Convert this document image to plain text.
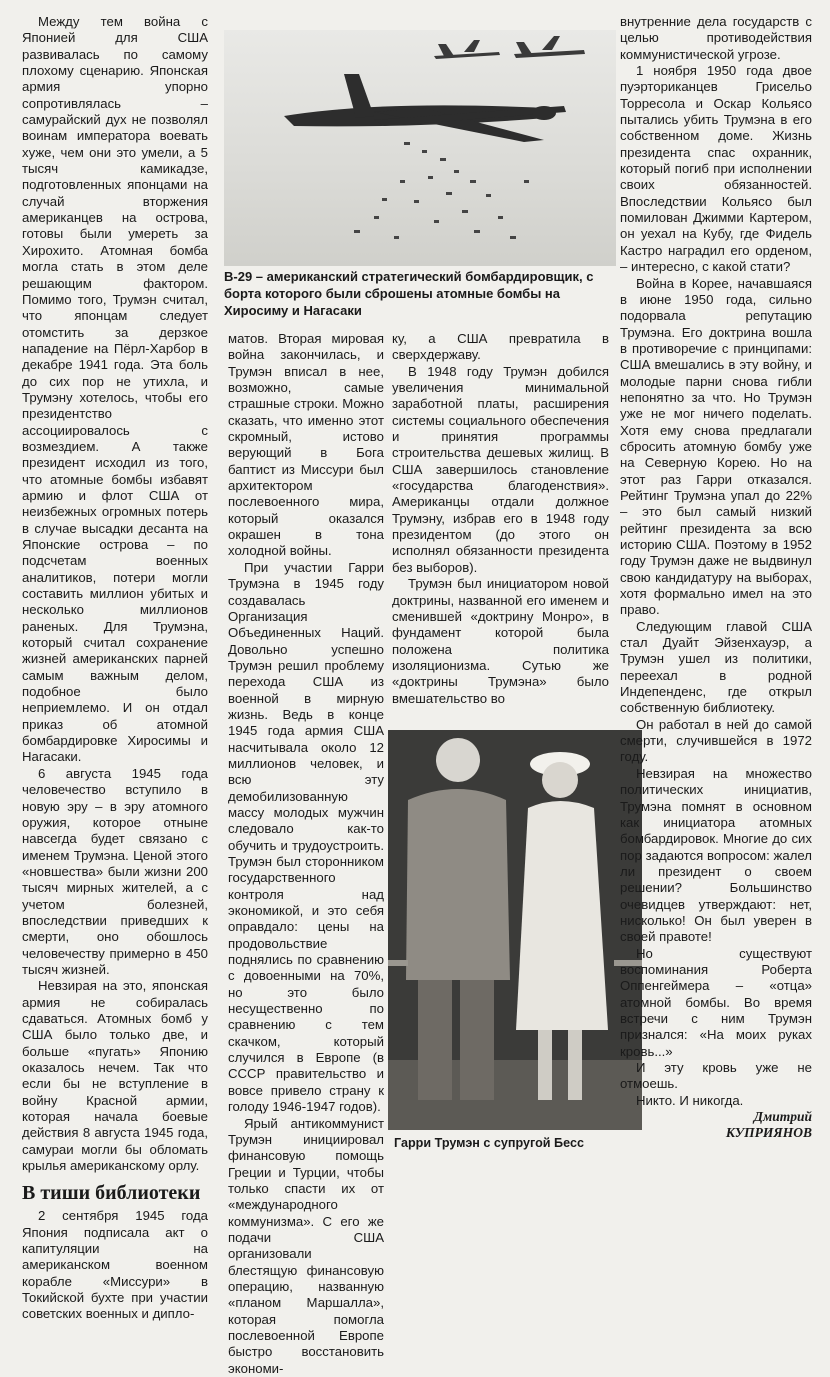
B-29 – американский стратегический бомбардировщик, с борта которого были сброшены атомные бомбы на Хиросиму и Нагасаки

Между тем война с Японией для США развивалась по самому плохому сценарию. Японская армия упорно сопротивлялась – самурайский дух не позволял воинам императора воевать хуже, чем они это умели, а 5 тысяч камикадзе, подготовленных японцами на случай вторжения американцев на острова, готовы были умереть за Хирохито. Атомная бомба могла стать в этом деле решающим фактором. Помимо того, Трумэн считал, что японцам следует отомстить за дерзкое нападение на Пёрл-Харбор в декабре 1941 года. Эта боль до сих пор не утихла, и Трумэну хотелось, чтобы его президентство ассоциировалось с возмездием. А также президент исходил из того, что атомные бомбы избавят армию и флот США от неизбежных огромных потерь в случае высадки десанта на Японские острова – по подсчетам военных аналитиков, потери могли составить миллион убитых и несколько миллионов раненых. Для Трумэна, который считал сохранение жизней американских парней самым важным делом, подобное было неприемлемо. И он отдал приказ об атомной бомбардировке Хиросимы и Нагасаки.

6 августа 1945 года человечество вступило в новую эру – в эру атомного оружия, которое отныне навсегда будет связано с именем Трумэна. Ценой этого «новшества» были жизни 200 тысяч мирных жителей, а с учетом болезней, впоследствии приведших к смерти, оно обошлось человечеству примерно в 450 тысяч жизней.

Невзирая на это, японская армия не собиралась сдаваться. Атомных бомб у США было только две, и больше «пугать» Японию оказалось нечем. Так что если бы не вступление в войну Красной армии, которая начала боевые действия 8 августа 1945 года, самураи могли бы обломать крылья американскому орлу.

В тиши библиотеки

2 сентября 1945 года Япония подписала акт о капитуляции на американском военном корабле «Миссури» в Токийской бухте при участии советских военных и дипло-

матов. Вторая мировая война закончилась, и Трумэн вписал в нее, возможно, самые страшные строки. Можно сказать, что именно этот скромный, истово верующий в Бога баптист из Миссури был архитектором послевоенного мира, который оказался окрашен в тона холодной войны.

При участии Гарри Трумэна в 1945 году создавалась Организация Объединенных Наций. Довольно успешно Трумэн решил проблему перехода США из военной в мирную жизнь. Ведь в конце 1945 года армия США насчитывала около 12 миллионов человек, и всю эту демобилизованную массу молодых мужчин следовало как-то обучить и трудоустроить. Трумэн был сторонником государственного контроля над экономикой, и это себя оправдало: цены на продовольствие поднялись по сравнению с довоенными на 70%, но это было несущественно по сравнению с тем скачком, который случился в Европе (в СССР правительство и вовсе привело страну к голоду 1946-1947 годов).

Ярый антикоммунист Трумэн инициировал финансовую помощь Греции и Турции, чтобы только спасти их от «международного коммунизма». С его же подачи США организовали блестящую финансовую операцию, названную «планом Маршалла», которая помогла послевоенной Европе быстро восстановить экономи-

ку, а США превратила в сверхдержаву.

В 1948 году Трумэн добился увеличения минимальной заработной платы, расширения системы социального обеспечения и принятия программы строительства дешевых жилищ. В США завершилось становление «государства благоденствия». Американцы отдали должное Трумэну, избрав его в 1948 году президентом (до этого он исполнял обязанности президента без выборов).

Трумэн был инициатором новой доктрины, названной его именем и сменившей «доктрину Монро», в фундамент которой была положена политика изоляционизма. Сутью же «доктрины Трумэна» было вмешательство во

Гарри Трумэн с супругой Бесс

внутренние дела государств с целью противодействия коммунистической угрозе.

1 ноября 1950 года двое пуэрториканцев Грисельо Торресола и Оскар Кольясо пытались убить Трумэна в его собственном доме. Жизнь президента спас охранник, который погиб при исполнении своих обязанностей. Впоследствии Кольясо был помилован Джимми Картером, он уехал на Кубу, где Фидель Кастро наградил его орденом, – интересно, с какой стати?

Война в Корее, начавшаяся в июне 1950 года, сильно подорвала репутацию Трумэна. Его доктрина вошла в противоречие с принципами: США вмешались в эту войну, и молодые парни снова гибли непонятно за что. Но Трумэн уже не мог ничего поделать. Хотя ему снова предлагали сбросить атомную бомбу уже на Северную Корею. Но на этот раз Гарри отказался. Рейтинг Трумэна упал до 22% – это был самый низкий рейтинг президента за всю историю США. Поэтому в 1952 году Трумэн даже не выдвинул свою кандидатуру на выборах, хотя формально имел на это право.

Следующим главой США стал Дуайт Эйзенхауэр, а Трумэн ушел из политики, переехал в родной Индепенденс, где открыл собственную библиотеку.

Он работал в ней до самой смерти, случившейся в 1972 году.

Невзирая на множество политических инициатив, Трумэна помнят в основном как инициатора атомных бомбардировок. Многие до сих пор задаются вопросом: жалел ли президент о своем решении? Большинство очевидцев утверждают: нет, нисколько! Он был уверен в своей правоте!

Но существуют воспоминания Роберта Оппенгеймера – «отца» атомной бомбы. Во время встречи с ним Трумэн признался: «На моих руках кровь...»

И эту кровь уже не отмоешь.

Никто. И никогда.

Дмитрий

КУПРИЯНОВ
